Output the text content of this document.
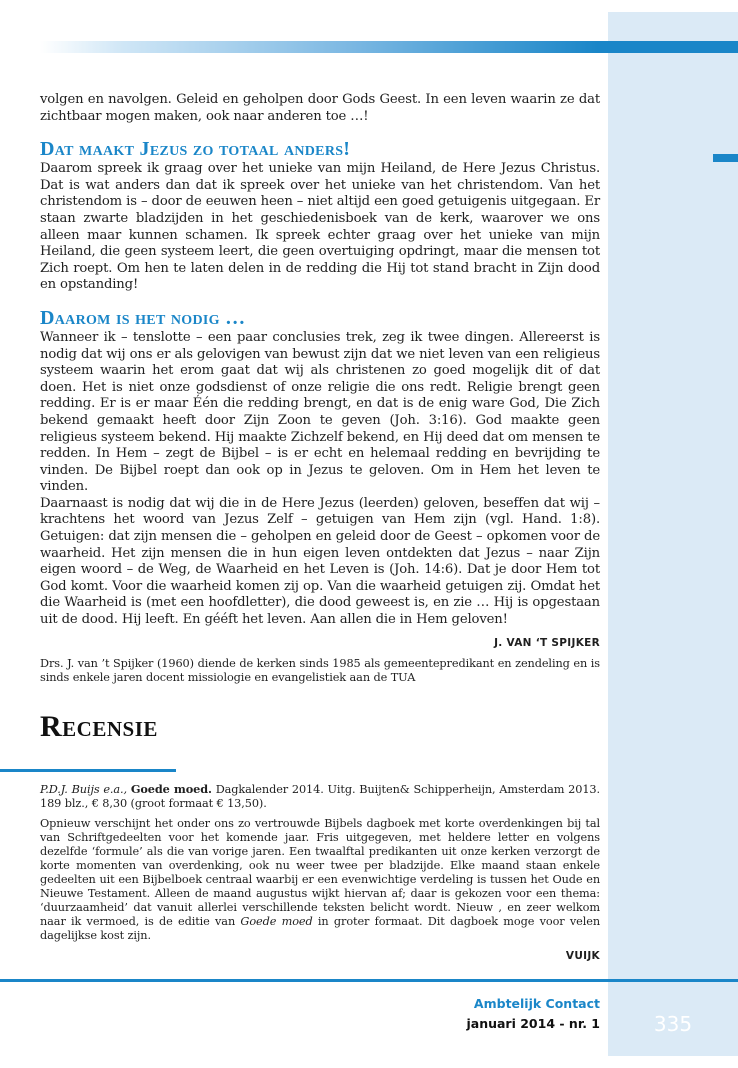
volgen en navolgen. Geleid en geholpen door Gods Geest. In een leven waarin ze dat zichtbaar mogen maken, ook naar anderen toe …!

Dat maakt Jezus zo totaal anders!

Daarom spreek ik graag over het unieke van mijn Heiland, de Here Jezus Christus. Dat is wat anders dan dat ik spreek over het unieke van het christendom. Van het christendom is – door de eeuwen heen – niet altijd een goed getuigenis uitgegaan. Er staan zwarte bladzijden in het geschiedenisboek van de kerk, waarover we ons alleen maar kunnen schamen. Ik spreek echter graag over het unieke van mijn Heiland, die geen systeem leert, die geen overtuiging opdringt, maar die mensen tot Zich roept. Om hen te laten delen in de redding die Hij tot stand bracht in Zijn dood en opstanding!

Daarom is het nodig …

Wanneer ik – tenslotte – een paar conclusies trek, zeg ik twee dingen. Allereerst is nodig dat wij ons er als gelovigen van bewust zijn dat we niet leven van een religieus systeem waarin het erom gaat dat wij als christenen zo goed mogelijk dit of dat doen. Het is niet onze godsdienst of onze religie die ons redt. Religie brengt geen redding. Er is er maar Één die redding brengt, en dat is de enig ware God, Die Zich bekend gemaakt heeft door Zijn Zoon te geven (Joh. 3:16). God maakte geen religieus systeem bekend. Hij maakte Zichzelf bekend, en Hij deed dat om mensen te redden. In Hem – zegt de Bijbel – is er echt en helemaal redding en bevrijding te vinden. De Bijbel roept dan ook op in Jezus te geloven. Om in Hem het leven te vinden.

Daarnaast is nodig dat wij die in de Here Jezus (leerden) geloven, beseffen dat wij – krachtens het woord van Jezus Zelf – getuigen van Hem zijn (vgl. Hand. 1:8). Getuigen: dat zijn mensen die – geholpen en geleid door de Geest – opkomen voor de waarheid. Het zijn mensen die in hun eigen leven ontdekten dat Jezus – naar Zijn eigen woord – de Weg, de Waarheid en het Leven is (Joh. 14:6). Dat je door Hem tot God komt. Voor die waarheid komen zij op. Van die waarheid getuigen zij. Omdat het die Waarheid is (met een hoofdletter), die dood geweest is, en zie … Hij is opgestaan uit de dood. Hij leeft. En gééft het leven. Aan allen die in Hem geloven!

J. VAN ‘T SPIJKER

Drs. J. van ’t Spijker (1960) diende de kerken sinds 1985 als gemeentepredikant en zendeling en is sinds enkele jaren docent missiologie en evangelistiek aan de TUA

Recensie

P.D.J. Buijs e.a., Goede moed. Dagkalender 2014. Uitg. Buijten& Schipperheijn, Amsterdam 2013. 189 blz., € 8,30 (groot formaat € 13,50).

Opnieuw verschijnt het onder ons zo vertrouwde Bijbels dagboek met korte overdenkingen bij tal van Schriftgedeelten voor het komende jaar. Fris uitgegeven, met heldere letter en volgens dezelfde ‘formule’ als die van vorige jaren. Een twaalftal predikanten uit onze kerken verzorgt de korte momenten van overdenking, ook nu weer twee per bladzijde. Elke maand staan enkele gedeelten uit een Bijbelboek centraal waarbij er een evenwichtige verdeling is tussen het Oude en Nieuwe Testament. Alleen de maand augustus wijkt hiervan af; daar is gekozen voor een thema: ‘duurzaamheid’ dat vanuit allerlei verschillende teksten belicht wordt. Nieuw , en zeer welkom naar ik vermoed, is de editie van Goede moed in groter formaat. Dit dagboek moge voor velen dagelijkse kost zijn.

VUIJK
Ambtelijk Contact
januari 2014 - nr. 1	335
